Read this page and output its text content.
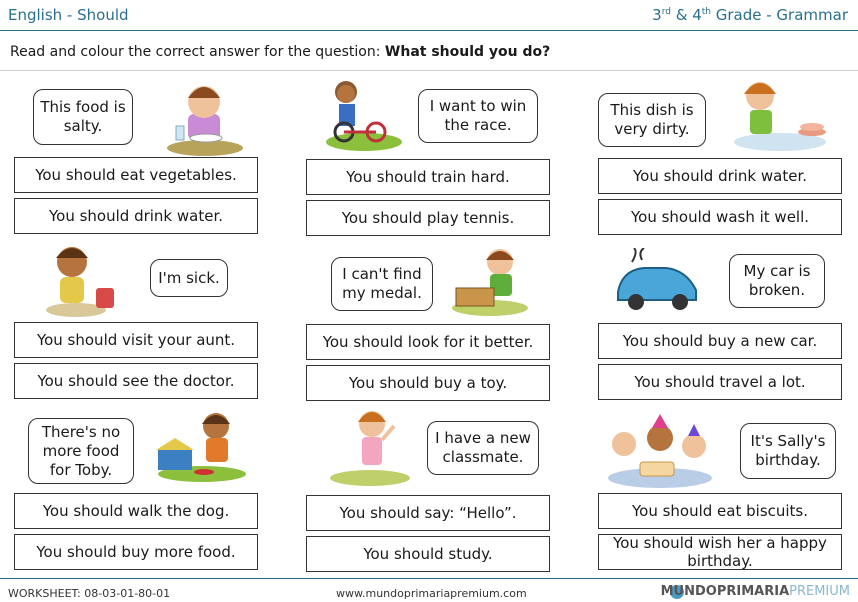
English - Should	3rd & 4th Grade - Grammar
Read and colour the correct answer for the question: What should you do?
This food is salty.
You should eat vegetables.
You should drink water.
I want to win the race.
You should train hard.
You should play tennis.
This dish is very dirty.
You should drink water.
You should wash it well.
I'm sick.
You should visit your aunt.
You should see the doctor.
I can't find my medal.
You should look for it better.
You should buy a toy.
My car is broken.
You should buy a new car.
You should travel a lot.
There's no more food for Toby.
You should walk the dog.
You should buy more food.
I have a new classmate.
You should say: “Hello”.
You should study.
It's Sally's birthday.
You should eat biscuits.
You should wish her a happy birthday.
WORKSHEET: 08-03-01-80-01	www.mundoprimariapremium.com	MUNDOPRIMARIAPREMIUM
